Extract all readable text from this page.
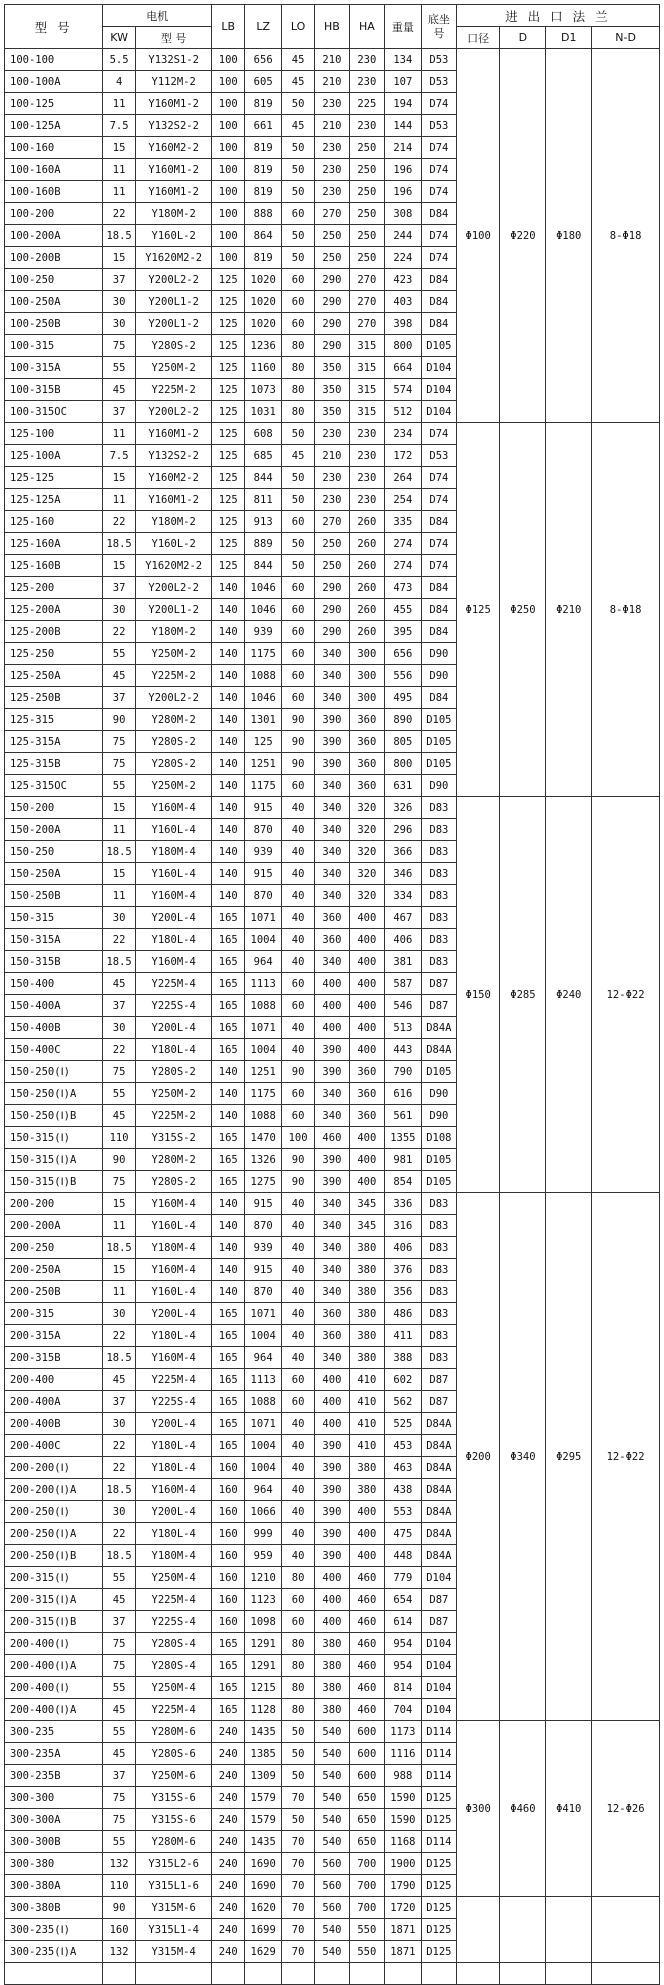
型 号	电机		LB	LZ	LO	HB	HA	重量	底坐号	进 出 口 法 兰			
	KW	型 号								口径	D	D1	N-D
100-100	5.5	Y132S1-2	100	656	45	210	230	134	D53	Φ100	Φ220	Φ180	8-Φ18
100-100A	4	Y112M-2	100	605	45	210	230	107	D53				
100-125	11	Y160M1-2	100	819	50	230	225	194	D74				
100-125A	7.5	Y132S2-2	100	661	45	210	230	144	D53				
100-160	15	Y160M2-2	100	819	50	230	250	214	D74				
100-160A	11	Y160M1-2	100	819	50	230	250	196	D74				
100-160B	11	Y160M1-2	100	819	50	230	250	196	D74				
100-200	22	Y180M-2	100	888	60	270	250	308	D84				
100-200A	18.5	Y160L-2	100	864	50	250	250	244	D74				
100-200B	15	Y1620M2-2	100	819	50	250	250	224	D74				
100-250	37	Y200L2-2	125	1020	60	290	270	423	D84				
100-250A	30	Y200L1-2	125	1020	60	290	270	403	D84				
100-250B	30	Y200L1-2	125	1020	60	290	270	398	D84				
100-315	75	Y280S-2	125	1236	80	290	315	800	D105				
100-315A	55	Y250M-2	125	1160	80	350	315	664	D104				
100-315B	45	Y225M-2	125	1073	80	350	315	574	D104				
100-315OC	37	Y200L2-2	125	1031	80	350	315	512	D104				
125-100	11	Y160M1-2	125	608	50	230	230	234	D74	Φ125	Φ250	Φ210	8-Φ18
125-100A	7.5	Y132S2-2	125	685	45	210	230	172	D53				
125-125	15	Y160M2-2	125	844	50	230	230	264	D74				
125-125A	11	Y160M1-2	125	811	50	230	230	254	D74				
125-160	22	Y180M-2	125	913	60	270	260	335	D84				
125-160A	18.5	Y160L-2	125	889	50	250	260	274	D74				
125-160B	15	Y1620M2-2	125	844	50	250	260	274	D74				
125-200	37	Y200L2-2	140	1046	60	290	260	473	D84				
125-200A	30	Y200L1-2	140	1046	60	290	260	455	D84				
125-200B	22	Y180M-2	140	939	60	290	260	395	D84				
125-250	55	Y250M-2	140	1175	60	340	300	656	D90				
125-250A	45	Y225M-2	140	1088	60	340	300	556	D90				
125-250B	37	Y200L2-2	140	1046	60	340	300	495	D84				
125-315	90	Y280M-2	140	1301	90	390	360	890	D105				
125-315A	75	Y280S-2	140	125	90	390	360	805	D105				
125-315B	75	Y280S-2	140	1251	90	390	360	800	D105				
125-315OC	55	Y250M-2	140	1175	60	340	360	631	D90				
150-200	15	Y160M-4	140	915	40	340	320	326	D83	Φ150	Φ285	Φ240	12-Φ22
150-200A	11	Y160L-4	140	870	40	340	320	296	D83				
150-250	18.5	Y180M-4	140	939	40	340	320	366	D83				
150-250A	15	Y160L-4	140	915	40	340	320	346	D83				
150-250B	11	Y160M-4	140	870	40	340	320	334	D83				
150-315	30	Y200L-4	165	1071	40	360	400	467	D83				
150-315A	22	Y180L-4	165	1004	40	360	400	406	D83				
150-315B	18.5	Y160M-4	165	964	40	340	400	381	D83				
150-400	45	Y225M-4	165	1113	60	400	400	587	D87				
150-400A	37	Y225S-4	165	1088	60	400	400	546	D87				
150-400B	30	Y200L-4	165	1071	40	400	400	513	D84A				
150-400C	22	Y180L-4	165	1004	40	390	400	443	D84A				
150-250(Ⅰ)	75	Y280S-2	140	1251	90	390	360	790	D105				
150-250(Ⅰ)A	55	Y250M-2	140	1175	60	340	360	616	D90				
150-250(Ⅰ)B	45	Y225M-2	140	1088	60	340	360	561	D90				
150-315(Ⅰ)	110	Y315S-2	165	1470	100	460	400	1355	D108				
150-315(Ⅰ)A	90	Y280M-2	165	1326	90	390	400	981	D105				
150-315(Ⅰ)B	75	Y280S-2	165	1275	90	390	400	854	D105				
200-200	15	Y160M-4	140	915	40	340	345	336	D83	Φ200	Φ340	Φ295	12-Φ22
200-200A	11	Y160L-4	140	870	40	340	345	316	D83				
200-250	18.5	Y180M-4	140	939	40	340	380	406	D83				
200-250A	15	Y160M-4	140	915	40	340	380	376	D83				
200-250B	11	Y160L-4	140	870	40	340	380	356	D83				
200-315	30	Y200L-4	165	1071	40	360	380	486	D83				
200-315A	22	Y180L-4	165	1004	40	360	380	411	D83				
200-315B	18.5	Y160M-4	165	964	40	340	380	388	D83				
200-400	45	Y225M-4	165	1113	60	400	410	602	D87				
200-400A	37	Y225S-4	165	1088	60	400	410	562	D87				
200-400B	30	Y200L-4	165	1071	40	400	410	525	D84A				
200-400C	22	Y180L-4	165	1004	40	390	410	453	D84A				
200-200(Ⅰ)	22	Y180L-4	160	1004	40	390	380	463	D84A				
200-200(Ⅰ)A	18.5	Y160M-4	160	964	40	390	380	438	D84A				
200-250(Ⅰ)	30	Y200L-4	160	1066	40	390	400	553	D84A				
200-250(Ⅰ)A	22	Y180L-4	160	999	40	390	400	475	D84A				
200-250(Ⅰ)B	18.5	Y180M-4	160	959	40	390	400	448	D84A				
200-315(Ⅰ)	55	Y250M-4	160	1210	80	400	460	779	D104				
200-315(Ⅰ)A	45	Y225M-4	160	1123	60	400	460	654	D87				
200-315(Ⅰ)B	37	Y225S-4	160	1098	60	400	460	614	D87				
200-400(Ⅰ)	75	Y280S-4	165	1291	80	380	460	954	D104				
200-400(Ⅰ)A	75	Y280S-4	165	1291	80	380	460	954	D104				
200-400(Ⅰ)	55	Y250M-4	165	1215	80	380	460	814	D104				
200-400(Ⅰ)A	45	Y225M-4	165	1128	80	380	460	704	D104				
300-235	55	Y280M-6	240	1435	50	540	600	1173	D114	Φ300	Φ460	Φ410	12-Φ26
300-235A	45	Y280S-6	240	1385	50	540	600	1116	D114				
300-235B	37	Y250M-6	240	1309	50	540	600	988	D114				
300-300	75	Y315S-6	240	1579	70	540	650	1590	D125				
300-300A	75	Y315S-6	240	1579	50	540	650	1590	D125				
300-300B	55	Y280M-6	240	1435	70	540	650	1168	D114				
300-380	132	Y315L2-6	240	1690	70	560	700	1900	D125				
300-380A	110	Y315L1-6	240	1690	70	560	700	1790	D125				
300-380B	90	Y315M-6	240	1620	70	560	700	1720	D125				
300-235(Ⅰ)	160	Y315L1-4	240	1699	70	540	550	1871	D125				
300-235(Ⅰ)A	132	Y315M-4	240	1629	70	540	550	1871	D125				
